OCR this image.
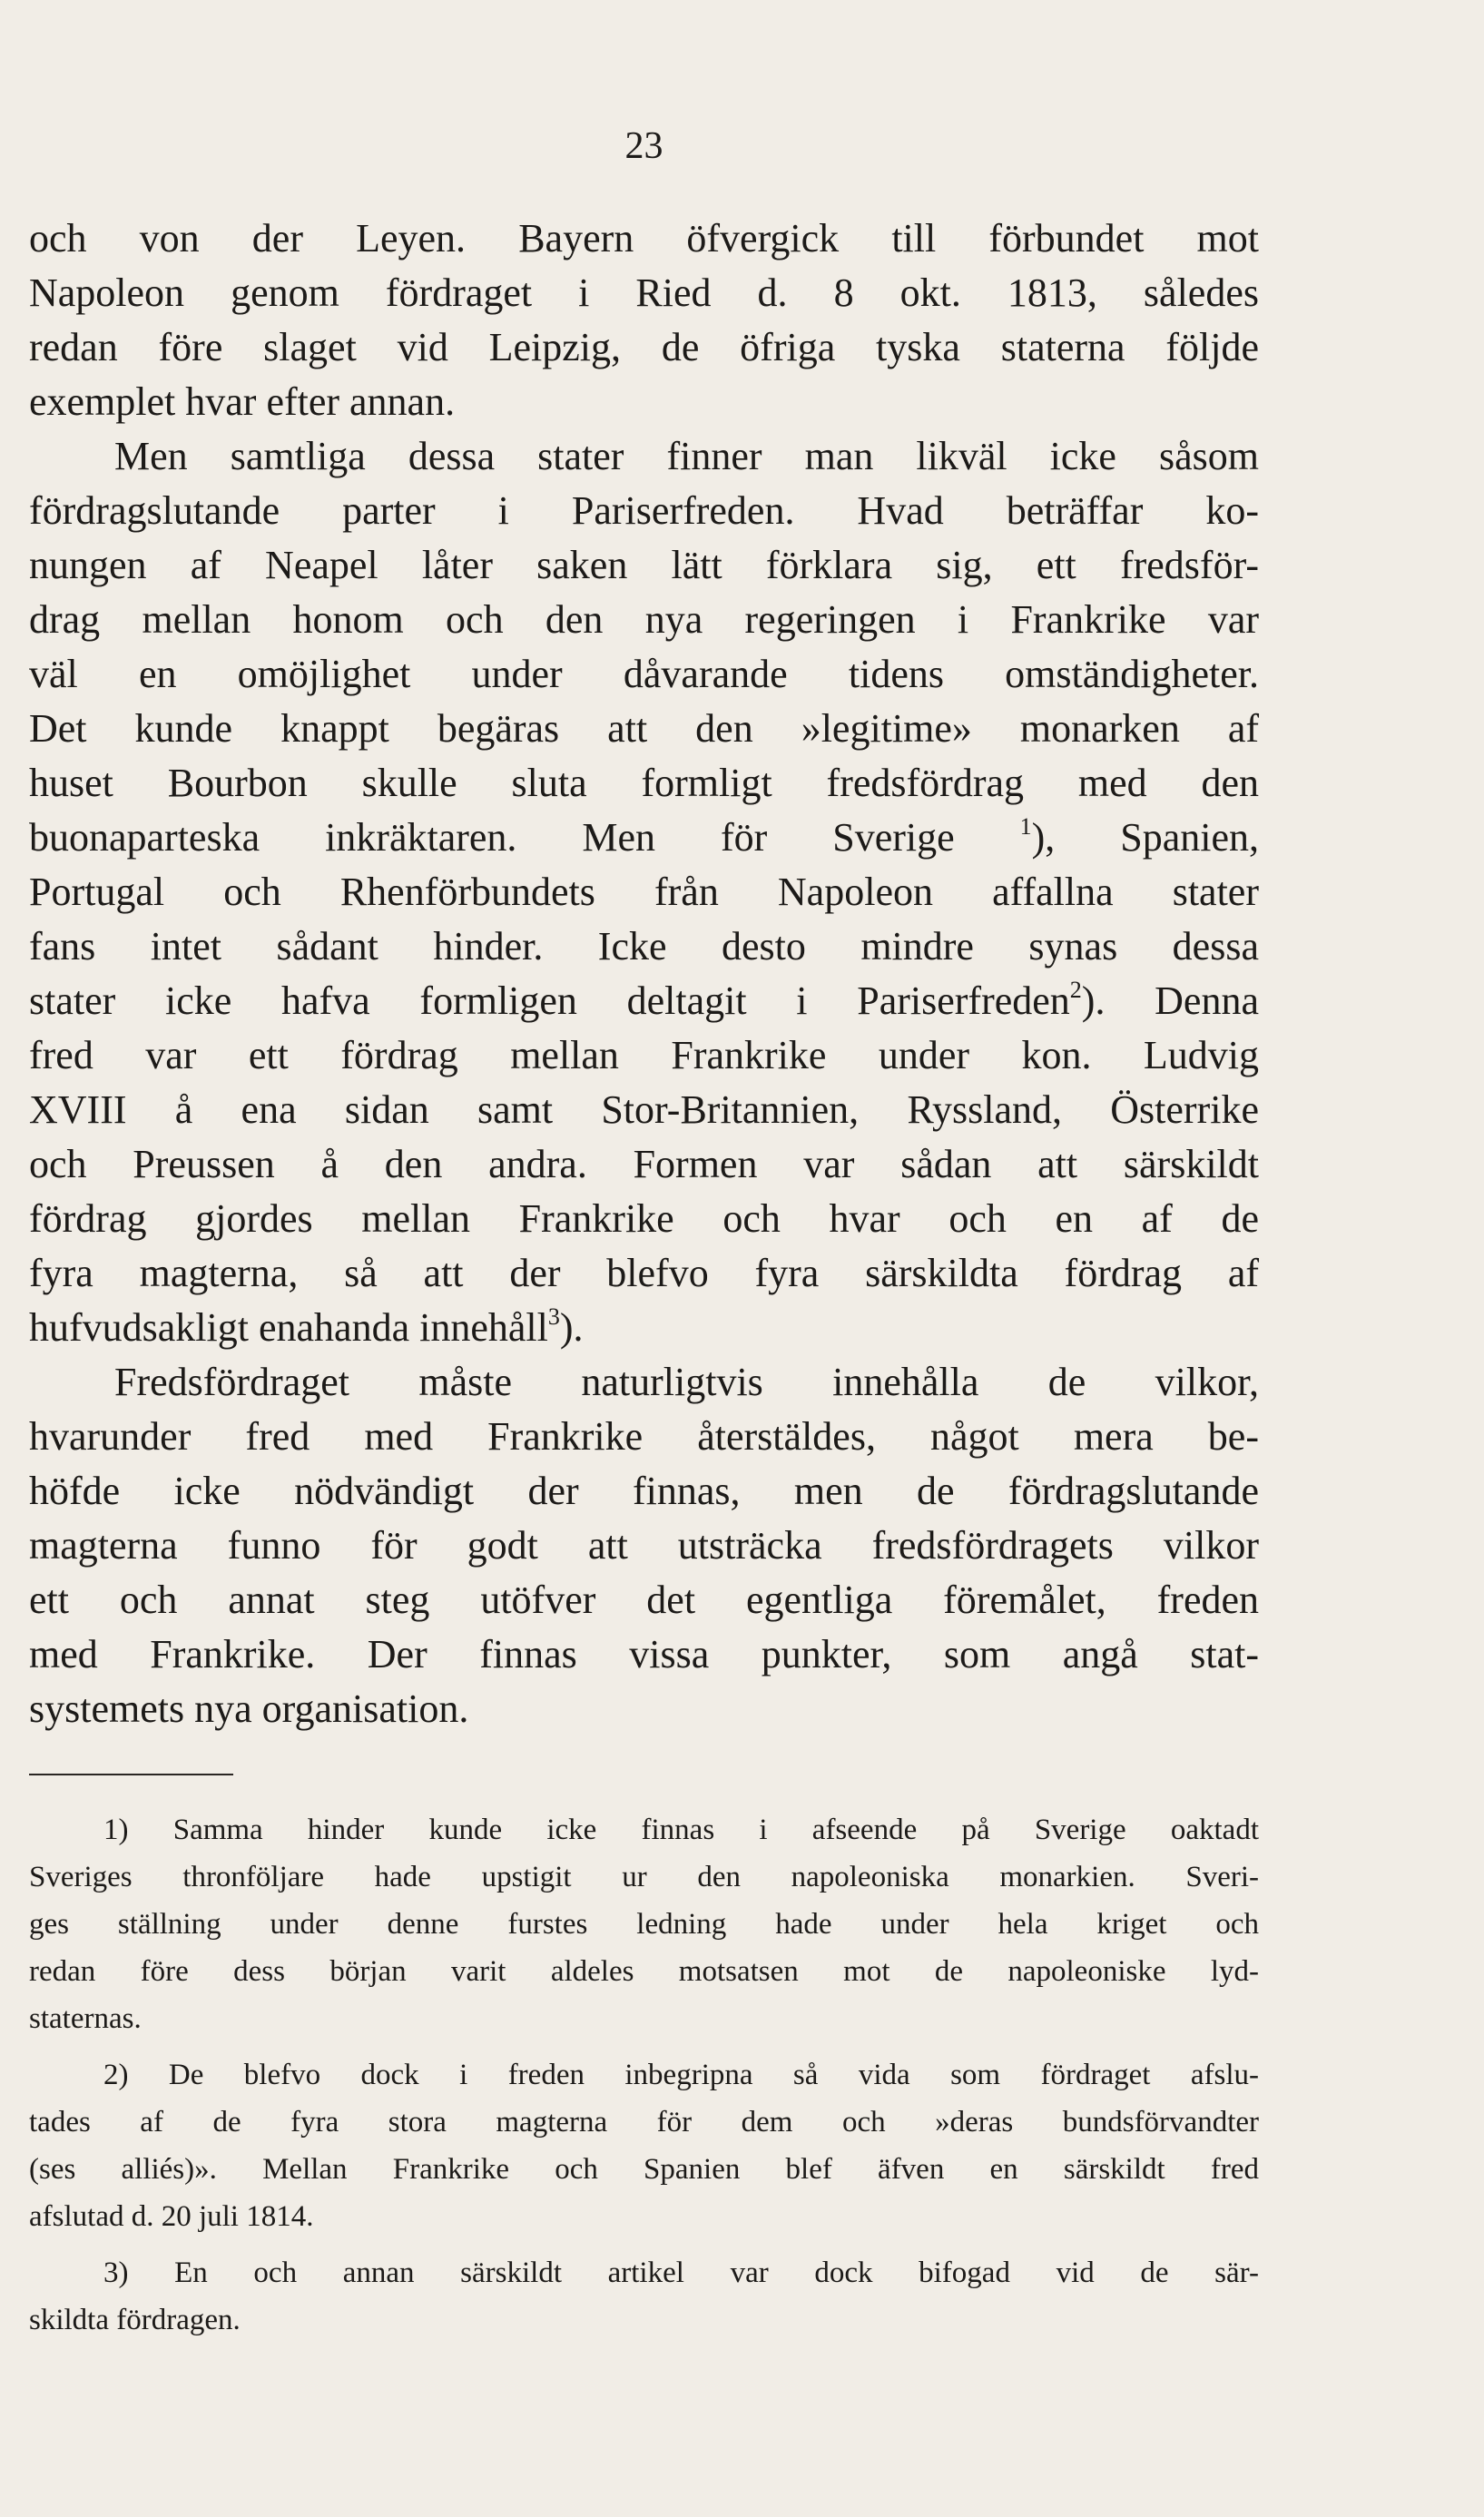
23
och von der Leyen. Bayern öfvergick till förbundet mot
Napoleon genom fördraget i Ried d. 8 okt. 1813, således
redan före slaget vid Leipzig, de öfriga tyska staterna följde
exemplet hvar efter annan.
Men samtliga dessa stater finner man likväl icke såsom
fördragslutande parter i Pariserfreden. Hvad beträffar ko-
nungen af Neapel låter saken lätt förklara sig, ett fredsför-
drag mellan honom och den nya regeringen i Frankrike var
väl en omöjlighet under dåvarande tidens omständigheter.
Det kunde knappt begäras att den »legitime» monarken af
huset Bourbon skulle sluta formligt fredsfördrag med den
buonaparteska inkräktaren. Men för Sverige	$^1$), Spanien,
Portugal och Rhenförbundets från Napoleon affallna stater
fans intet sådant hinder. Icke desto mindre synas dessa
stater icke hafva formligen deltagit i Pariserfreden$^2$). Denna
fred var ett fördrag mellan Frankrike under kon. Ludvig
XVIII å ena sidan samt Stor-Britannien, Ryssland, Österrike
och Preussen å den andra. Formen var sådan att särskildt
fördrag gjordes mellan Frankrike och hvar och en af de
fyra magterna, så att der blefvo fyra särskildta fördrag af
hufvudsakligt enahanda innehåll$^3$).
Fredsfördraget måste naturligtvis innehålla de vilkor,
hvarunder fred med Frankrike återstäldes, något mera be-
höfde icke nödvändigt der finnas, men de fördragslutande
magterna funno för godt att utsträcka fredsfördragets vilkor
ett och annat steg utöfver det egentliga föremålet, freden
med Frankrike. Der finnas vissa punkter, som angå stat-
systemets nya organisation.
1) Samma hinder kunde icke finnas i afseende på Sverige oaktadt
Sveriges thronföljare hade upstigit ur den napoleoniska monarkien. Sveri-
ges ställning under denne furstes ledning hade under hela kriget och
redan före dess början varit aldeles motsatsen mot de napoleoniske lyd-
staternas.
2) De blefvo dock i freden inbegripna så vida som fördraget afslu-
tades af de fyra stora magterna för dem och »deras bundsförvandter
(ses alliés)». Mellan Frankrike och Spanien blef äfven en särskildt fred
afslutad d. 20 juli 1814.
3) En och annan särskildt artikel var dock bifogad vid de sär-
skildta fördragen.
